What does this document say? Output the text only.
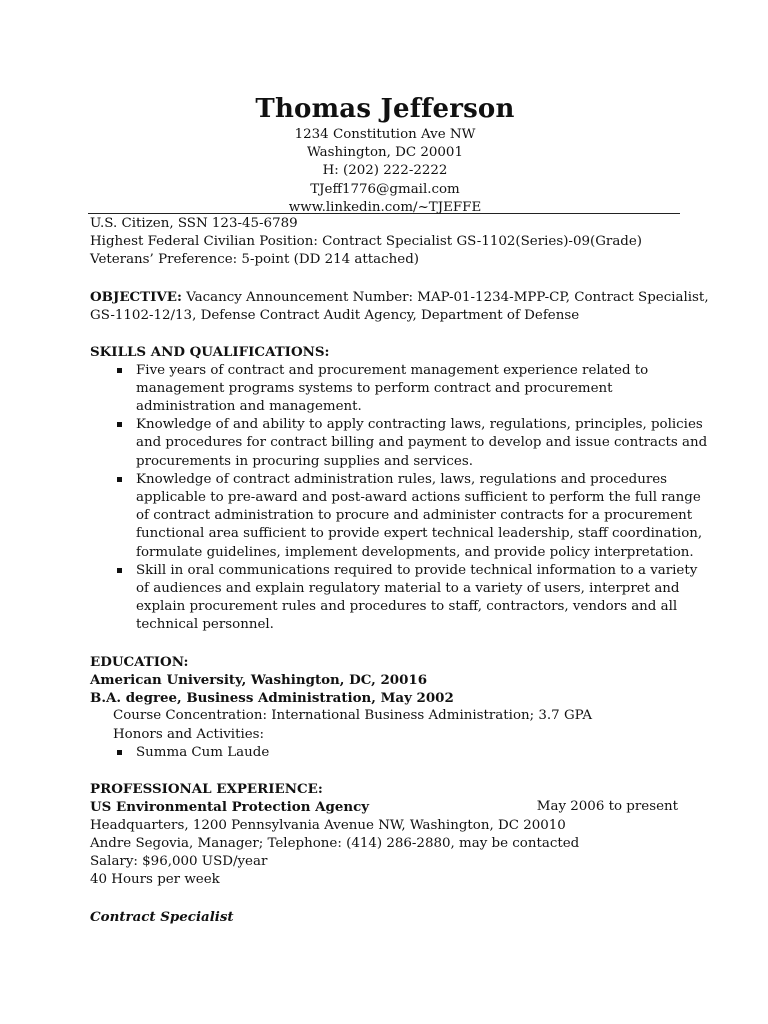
Thomas Jefferson
1234 Constitution Ave NW
Washington, DC 20001
H: (202) 222-2222
TJeff1776@gmail.com
www.linkedin.com/~TJEFFE
U.S. Citizen, SSN 123-45-6789
Highest Federal Civilian Position: Contract Specialist GS-1102(Series)-09(Grade)
Veterans’ Preference: 5-point (DD 214 attached)
OBJECTIVE: Vacancy Announcement Number: MAP-01-1234-MPP-CP, Contract Specialist,
GS-1102-12/13, Defense Contract Audit Agency, Department of Defense
SKILLS AND QUALIFICATIONS:
Five years of contract and procurement management experience related to
management programs systems to perform contract and procurement
administration and management.
Knowledge of and ability to apply contracting laws, regulations, principles, policies
and procedures for contract billing and payment to develop and issue contracts and
procurements in procuring supplies and services.
Knowledge of contract administration rules, laws, regulations and procedures
applicable to pre-award and post-award actions sufficient to perform the full range
of contract administration to procure and administer contracts for a procurement
functional area sufficient to provide expert technical leadership, staff coordination,
formulate guidelines, implement developments, and provide policy interpretation.
Skill in oral communications required to provide technical information to a variety
of audiences and explain regulatory material to a variety of users, interpret and
explain procurement rules and procedures to staff, contractors, vendors and all
technical personnel.
EDUCATION:
American University, Washington, DC, 20016
B.A. degree, Business Administration, May 2002
Course Concentration: International Business Administration; 3.7 GPA
Honors and Activities:
Summa Cum Laude
PROFESSIONAL EXPERIENCE:
US Environmental Protection Agency	May 2006 to present
Headquarters, 1200 Pennsylvania Avenue NW, Washington, DC 20010
Andre Segovia, Manager; Telephone: (414) 286-2880, may be contacted
Salary: $96,000 USD/year
40 Hours per week
Contract Specialist
